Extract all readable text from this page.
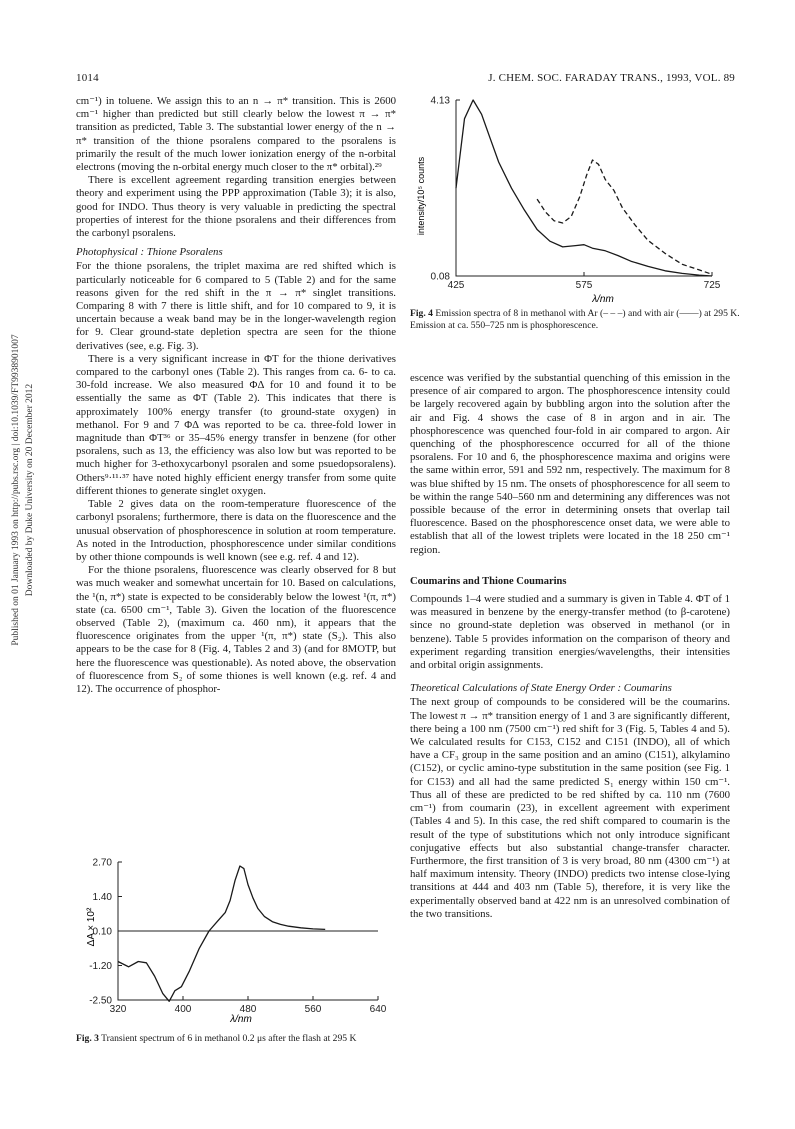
1014	J. CHEM. SOC. FARADAY TRANS., 1993, VOL. 89
Published on 01 January 1993 on http://pubs.rsc.org | doi:10.1039/FT9938901007 Downloaded by Duke University on 20 December 2012

cm⁻¹) in toluene. We assign this to an n → π* transition. This is 2600 cm⁻¹ higher than predicted but still clearly below the lowest π → π* transition as predicted, Table 3. The substantial lower energy of the n → π* transition of the thione psoralens compared to the psoralens is primarily the result of the much lower ionization energy of the n-orbital electrons (moving the n-orbital energy much closer to the π* orbital).²⁹

There is excellent agreement regarding transition energies between theory and experiment using the PPP approximation (Table 3); it is also, good for INDO. Thus theory is very valuable in predicting the spectral properties of interest for the thione psoralens and their differences from the carbonyl psoralens.

Photophysical : Thione Psoralens

For the thione psoralens, the triplet maxima are red shifted which is particularly noticeable for 6 compared to 5 (Table 2) and for the same reasons given for the red shift in the π → π* singlet transitions. Comparing 8 with 7 there is little shift, and for 10 compared to 9, it is uncertain because a weak band may be in the longer-wavelength region for 9. Clear ground-state depletion spectra are seen for the thione derivatives (see, e.g. Fig. 3).

There is a very significant increase in ΦT for the thione derivatives compared to the carbonyl ones (Table 2). This ranges from ca. 6- to ca. 30-fold increase. We also measured ΦΔ for 10 and found it to be essentially the same as ΦT (Table 2). This indicates that there is approximately 100% energy transfer (to ground-state oxygen) in methanol. For 9 and 7 ΦΔ was reported to be ca. three-fold lower in magnitude than ΦT³⁶ or 35–45% energy transfer in benzene (for other psoralens, such as 13, the efficiency was also low but was reported to be much higher for 3-ethoxycarbonyl psoralen and some psuedopsoralens). Others⁹·¹¹·³⁷ have noted highly efficient energy transfer from some quite different thiones to generate singlet oxygen.

Table 2 gives data on the room-temperature fluorescence of the carbonyl psoralens; furthermore, there is data on the fluorescence and the unusual observation of phosphorescence in solution at room temperature. As noted in the Introduction, phosphorescence under similar conditions by other thione compounds is well known (see e.g. ref. 4 and 12).

For the thione psoralens, fluorescence was clearly observed for 8 but was much weaker and somewhat uncertain for 10. Based on calculations, the ¹(n, π*) state is expected to be considerably below the lowest ¹(π, π*) state (ca. 6500 cm⁻¹, Table 3). Given the location of the fluorescence observed (Table 2), (maximum ca. 460 nm), it appears that the fluorescence originates from the upper ¹(π, π*) state (S₂). This also appears to be the case for 8 (Fig. 4, Tables 2 and 3) (and for 8MOTP, but here the fluorescence was questionable). As noted above, the observation of fluorescence from S₂ of some thiones is well known (e.g. ref. 4 and 12). The occurrence of phosphor-

escence was verified by the substantial quenching of this emission in the presence of air compared to argon. The phosphorescence intensity could be largely recovered again by bubbling argon into the solution after the air and Fig. 4 shows the case of 8 in argon and in air. The phosphorescence was quenched four-fold in air compared to argon. Air quenching of the phosphorescence occurred for all of the thione psoralens. For 10 and 6, the phosphorescence maxima and origins were the same within error, 591 and 592 nm, respectively. The maximum for 8 was blue shifted by 15 nm. The onsets of phosphorescence for all seem to be within the range 540–560 nm and determining any differences was not possible because of the error in determining onsets that overlap tail fluorescence. Based on the phosphorescence onset data, we were able to establish that all of the lowest triplets were located in the 18 250 cm⁻¹ region.

Coumarins and Thione Coumarins

Compounds 1–4 were studied and a summary is given in Table 4. ΦT of 1 was measured in benzene by the energy-transfer method (to β-carotene) since no ground-state depletion was observed in methanol (or in benzene). Table 5 provides information on the comparison of theory and experiment regarding transition energies/wavelengths, their intensities and orbital origin assignments.

Theoretical Calculations of State Energy Order : Coumarins

The next group of compounds to be considered will be the coumarins. The lowest π → π* transition energy of 1 and 3 are significantly different, there being a 100 nm (7500 cm⁻¹) red shift for 3 (Fig. 5, Tables 4 and 5). We calculated results for C153, C152 and C151 (INDO), all of which have a CF₃ group in the same position and an amino (C151), alkylamino (C152), or cyclic amino-type substitution in the same position (see Fig. 1 for C153) and all had the same predicted S₁ energy within 150 cm⁻¹. Thus all of these are predicted to be red shifted by ca. 110 nm (7600 cm⁻¹) from coumarin (23), in excellent agreement with experiment (Tables 4 and 5). In this case, the red shift compared to coumarin is the result of the type of substitutions which not only introduce significant conjugative effects but also substantial change-transfer character. Furthermore, the first transition of 3 is very broad, 80 nm (4300 cm⁻¹) at half maximum intensity. Theory (INDO) predicts two intense close-lying transitions at 444 and 403 nm (Table 5), therefore, it is very like the experimentally observed band at 422 nm is an unresolved combination of the two transitions.

intensity/10⁵ counts
λ/nm
425	575	725
4.13
0.08
Fig. 4 Emission spectra of 8 in methanol with Ar (– – –) and with air (——) at 295 K. Emission at ca. 550–725 nm is phosphorescence.
ΔA × 10²
λ/nm
320	400	480	560	640
2.70
1.40
0.10
-1.20
-2.50
Fig. 3 Transient spectrum of 6 in methanol 0.2 μs after the flash at 295 K
